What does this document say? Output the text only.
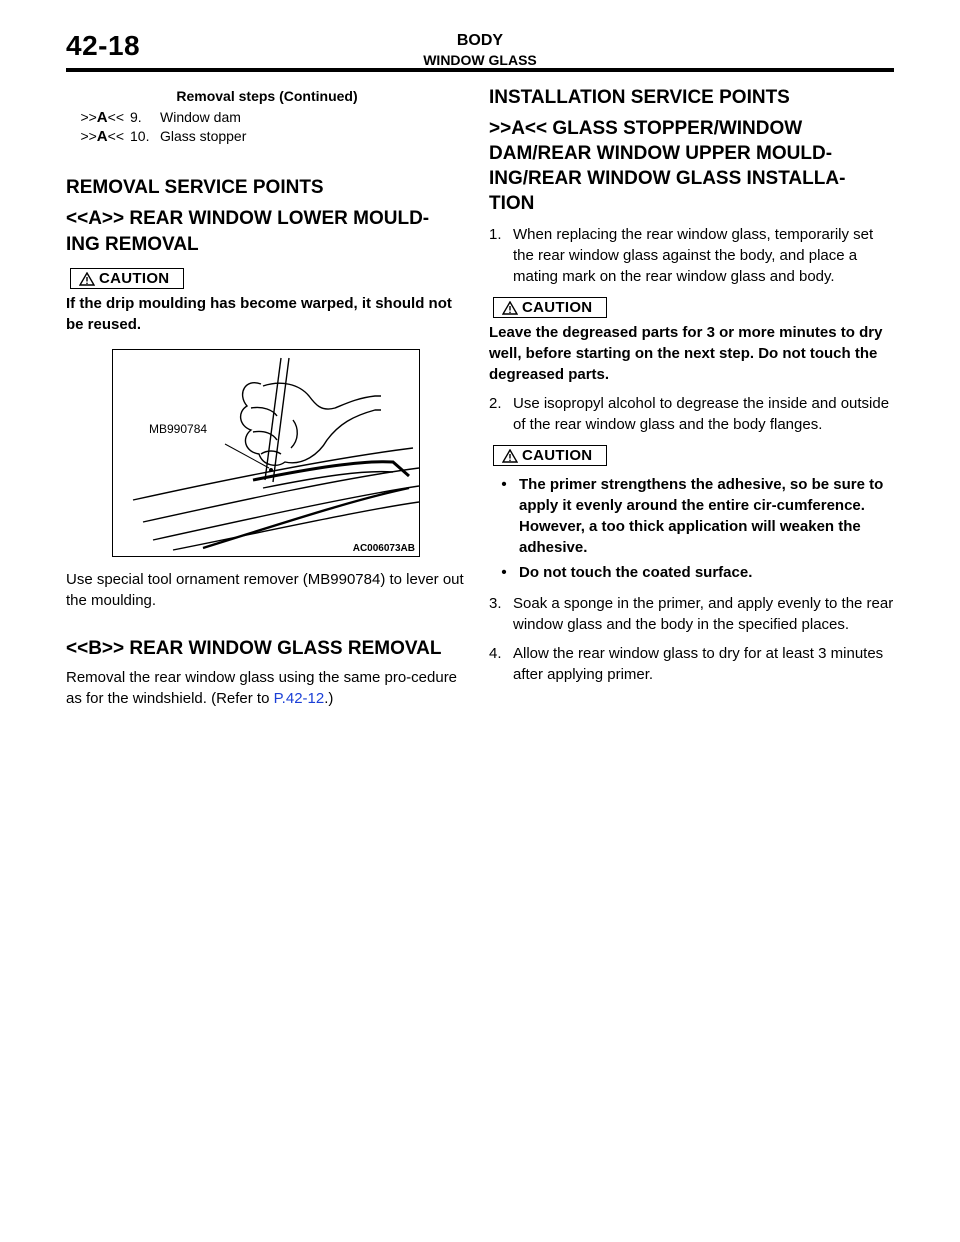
42-18	BODY
WINDOW GLASS
Removal steps (Continued)
>>A<< 9.	Window dam
>>A<< 10. Glass stopper
REMOVAL SERVICE POINTS
<<A>> REAR WINDOW LOWER MOULD-
ING REMOVAL
CAUTION
If the drip moulding has become warped, it should not be reused.
MB990784
AC006073AB

Use special tool ornament remover (MB990784) to lever out the moulding.

<<B>> REAR WINDOW GLASS REMOVAL

Removal the rear window glass using the same pro-cedure as for the windshield. (Refer to P.42-12.)

INSTALLATION SERVICE POINTS
>>A<< GLASS STOPPER/WINDOW
DAM/REAR WINDOW UPPER MOULD-
ING/REAR WINDOW GLASS INSTALLA-
TION
1. When replacing the rear window glass, temporarily set the rear window glass against the body, and place a mating mark on the rear window glass and body.
CAUTION
Leave the degreased parts for 3 or more minutes to dry well, before starting on the next step. Do not touch the degreased parts.
2. Use isopropyl alcohol to degrease the inside and outside of the rear window glass and the body flanges.
CAUTION
• The primer strengthens the adhesive, so be sure to apply it evenly around the entire cir-cumference. However, a too thick application will weaken the adhesive.
• Do not touch the coated surface.
3. Soak a sponge in the primer, and apply evenly to the rear window glass and the body in the specified places.
4. Allow the rear window glass to dry for at least 3 minutes after applying primer.
